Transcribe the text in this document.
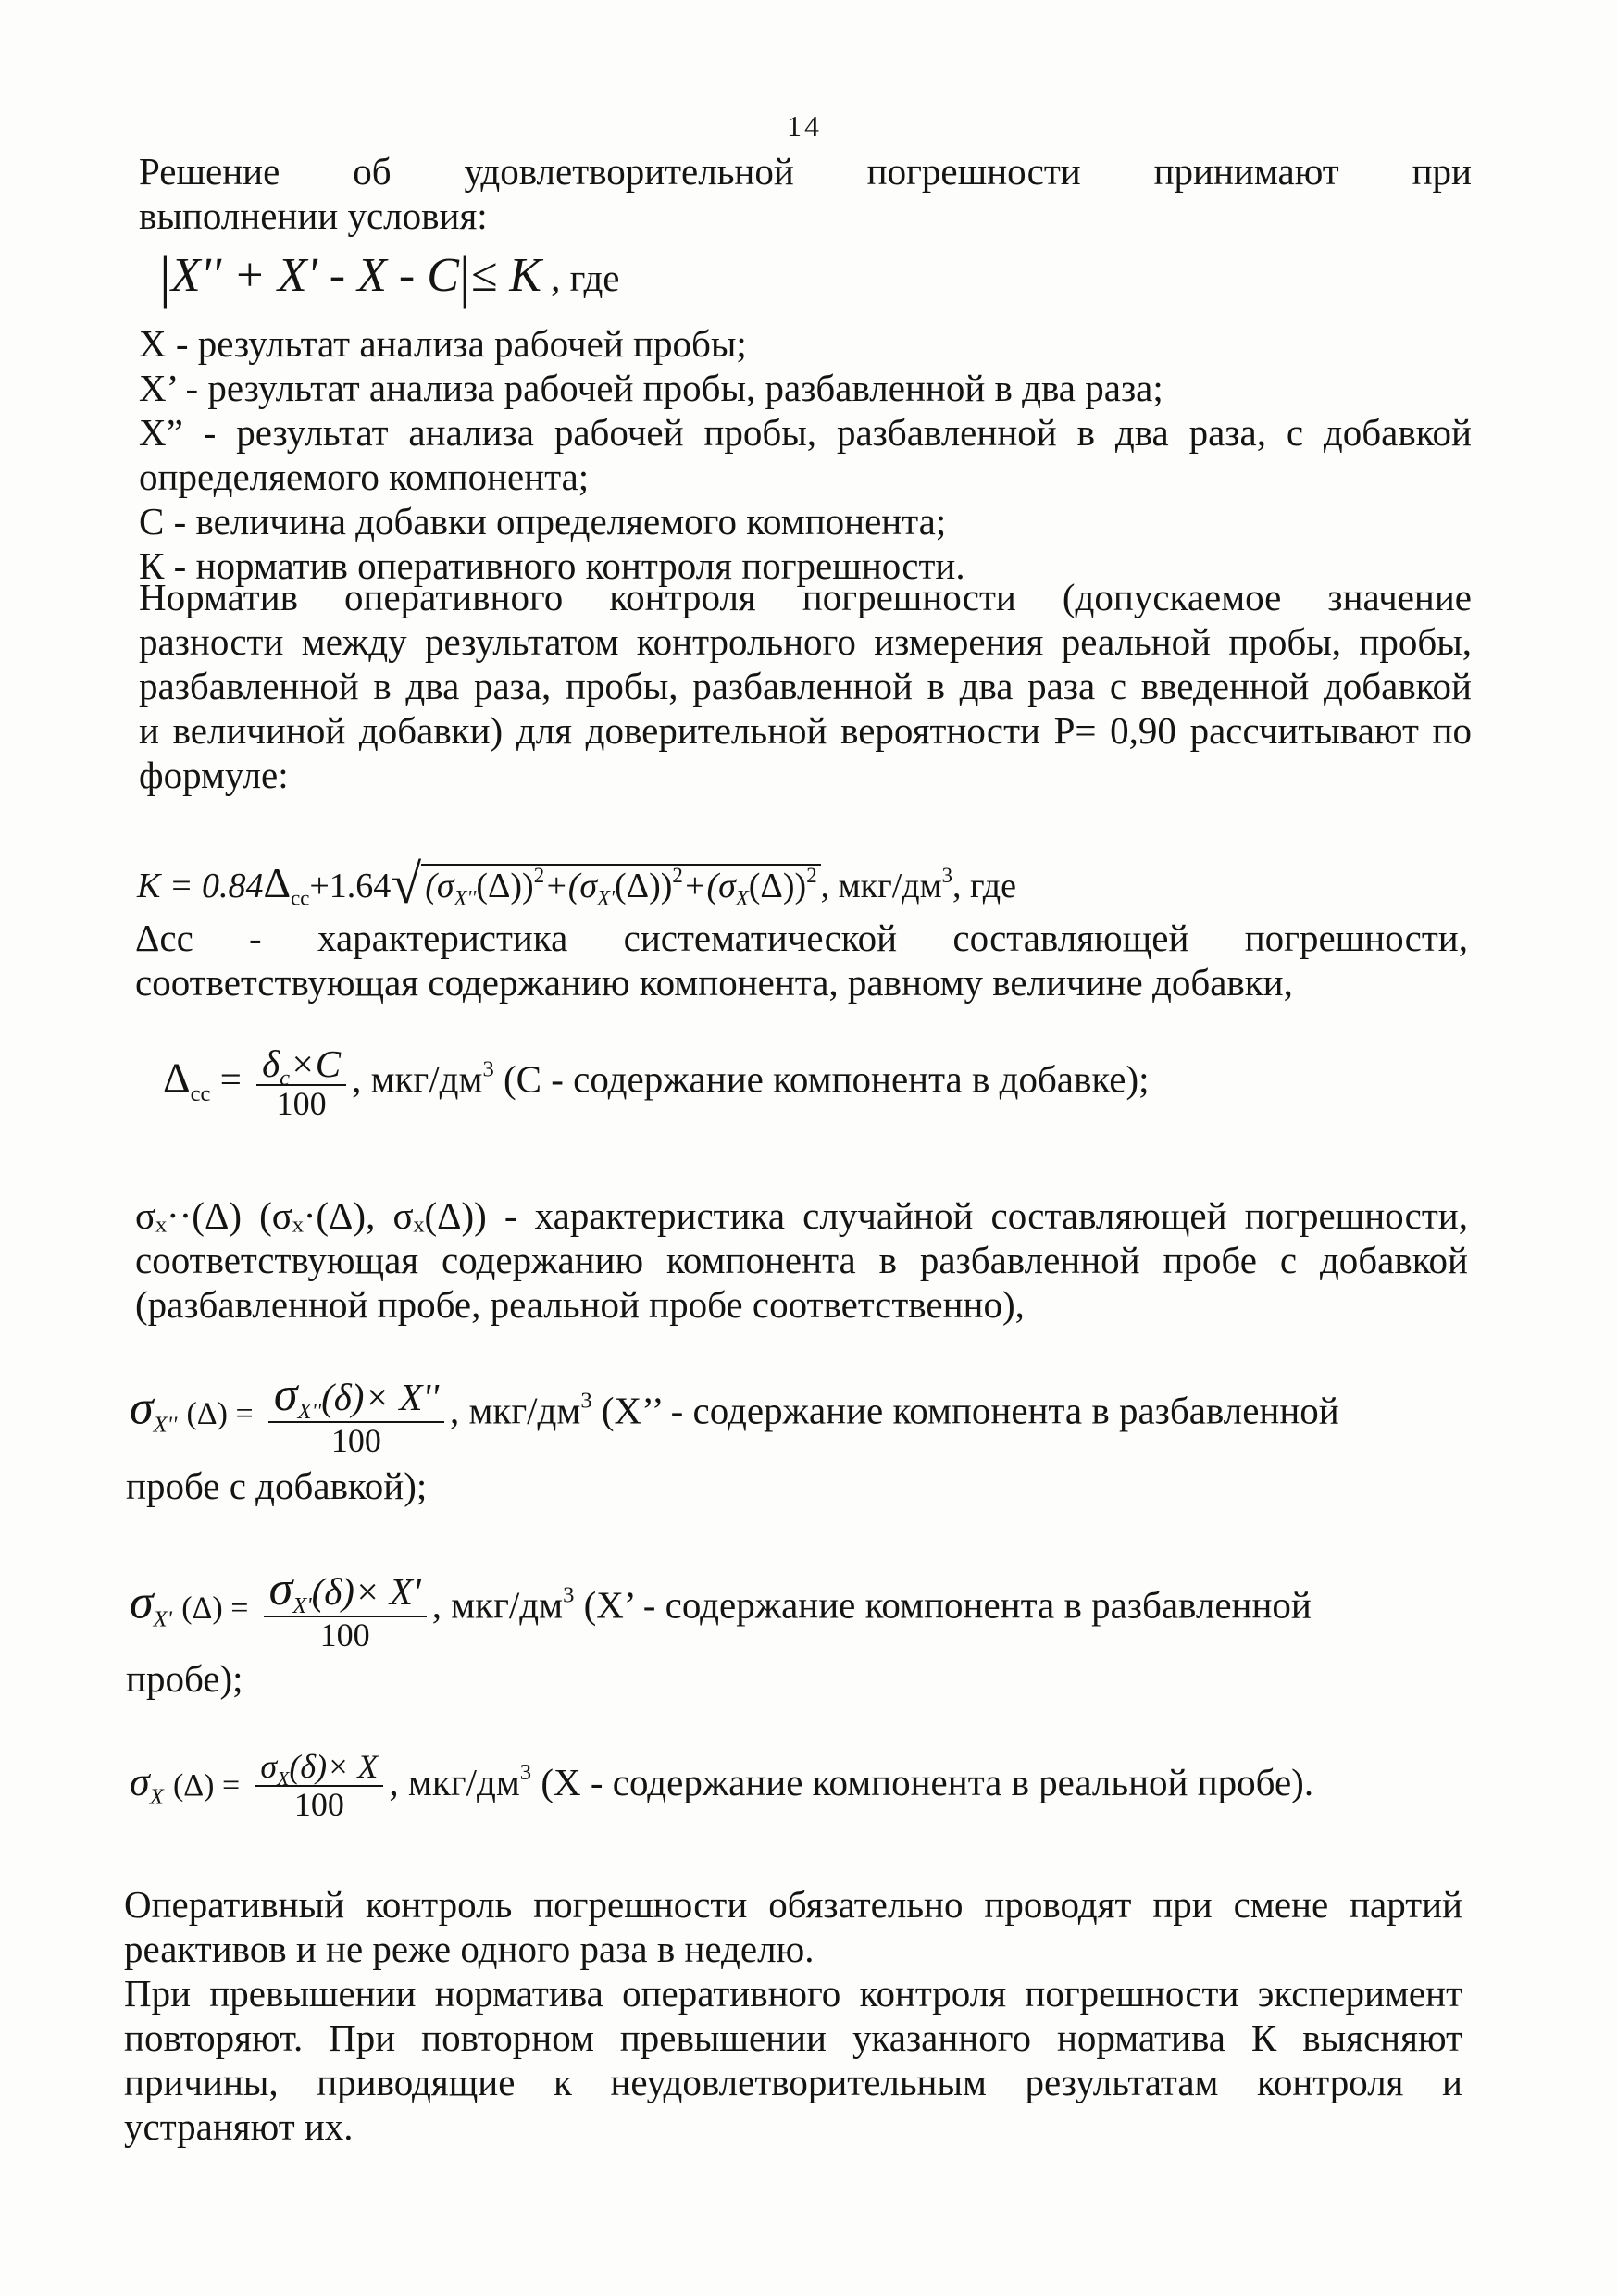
14
Решение об удовлетворительной погрешности принимают при
выполнении условия:
|X'' + X' - X - C|≤ K , где
X - результат анализа рабочей пробы;
X’ - результат анализа рабочей пробы, разбавленной в два раза;
X” - результат анализа рабочей пробы, разбавленной в два раза, с добавкой
определяемого компонента;
С - величина добавки определяемого компонента;
К - норматив оперативного контроля погрешности.
Норматив оперативного контроля погрешности (допускаемое значение
разности между результатом контрольного измерения реальной пробы, пробы,
разбавленной в два раза, пробы, разбавленной в два раза с введенной добавкой
и величиной добавки) для доверительной вероятности Р= 0,90 рассчитывают по
формуле:
$K = 0.84\Delta_{сс}+1.64√$ $(\sigma_{X''}(\Delta))^2+(\sigma_{X'}(\Delta))^2+(\sigma_X(\Delta))^2$ , мкг/$дм^3$, где
Δсс - характеристика систематической составляющей погрешности,
соответствующая содержанию компонента, равному величине добавки,
$\Delta_{сс} = \frac{\delta_c\times C}{100}$ , мкг/$дм^3$ (С - содержание компонента в добавке);
σₓ··(Δ) (σₓ·(Δ), σₓ(Δ)) - характеристика случайной составляющей погрешности,
соответствующая содержанию компонента в разбавленной пробе с добавкой
(разбавленной пробе, реальной пробе соответственно),
$\sigma_{X''}$ $(\Delta) = \frac{\sigma_{X''}(\delta)\times X''}{100}$ , мкг/$дм^3$ (X’’ - содержание компонента в разбавленной
пробе с добавкой);
$\sigma_{X'}$ $(\Delta) = \frac{\sigma_{X'}(\delta)\times X'}{100}$ , мкг/$дм^3$ (X’ - содержание компонента в разбавленной
пробе);
$\sigma_X$ $(\Delta) = \frac{\sigma_X(\delta)\times X}{100}$ , мкг/$дм^3$ (X - содержание компонента в реальной пробе).
Оперативный контроль погрешности обязательно проводят при смене партий
реактивов и не реже одного раза в неделю.
При превышении норматива оперативного контроля погрешности эксперимент
повторяют. При повторном превышении указанного норматива К выясняют
причины, приводящие к неудовлетворительным результатам контроля и
устраняют их.
